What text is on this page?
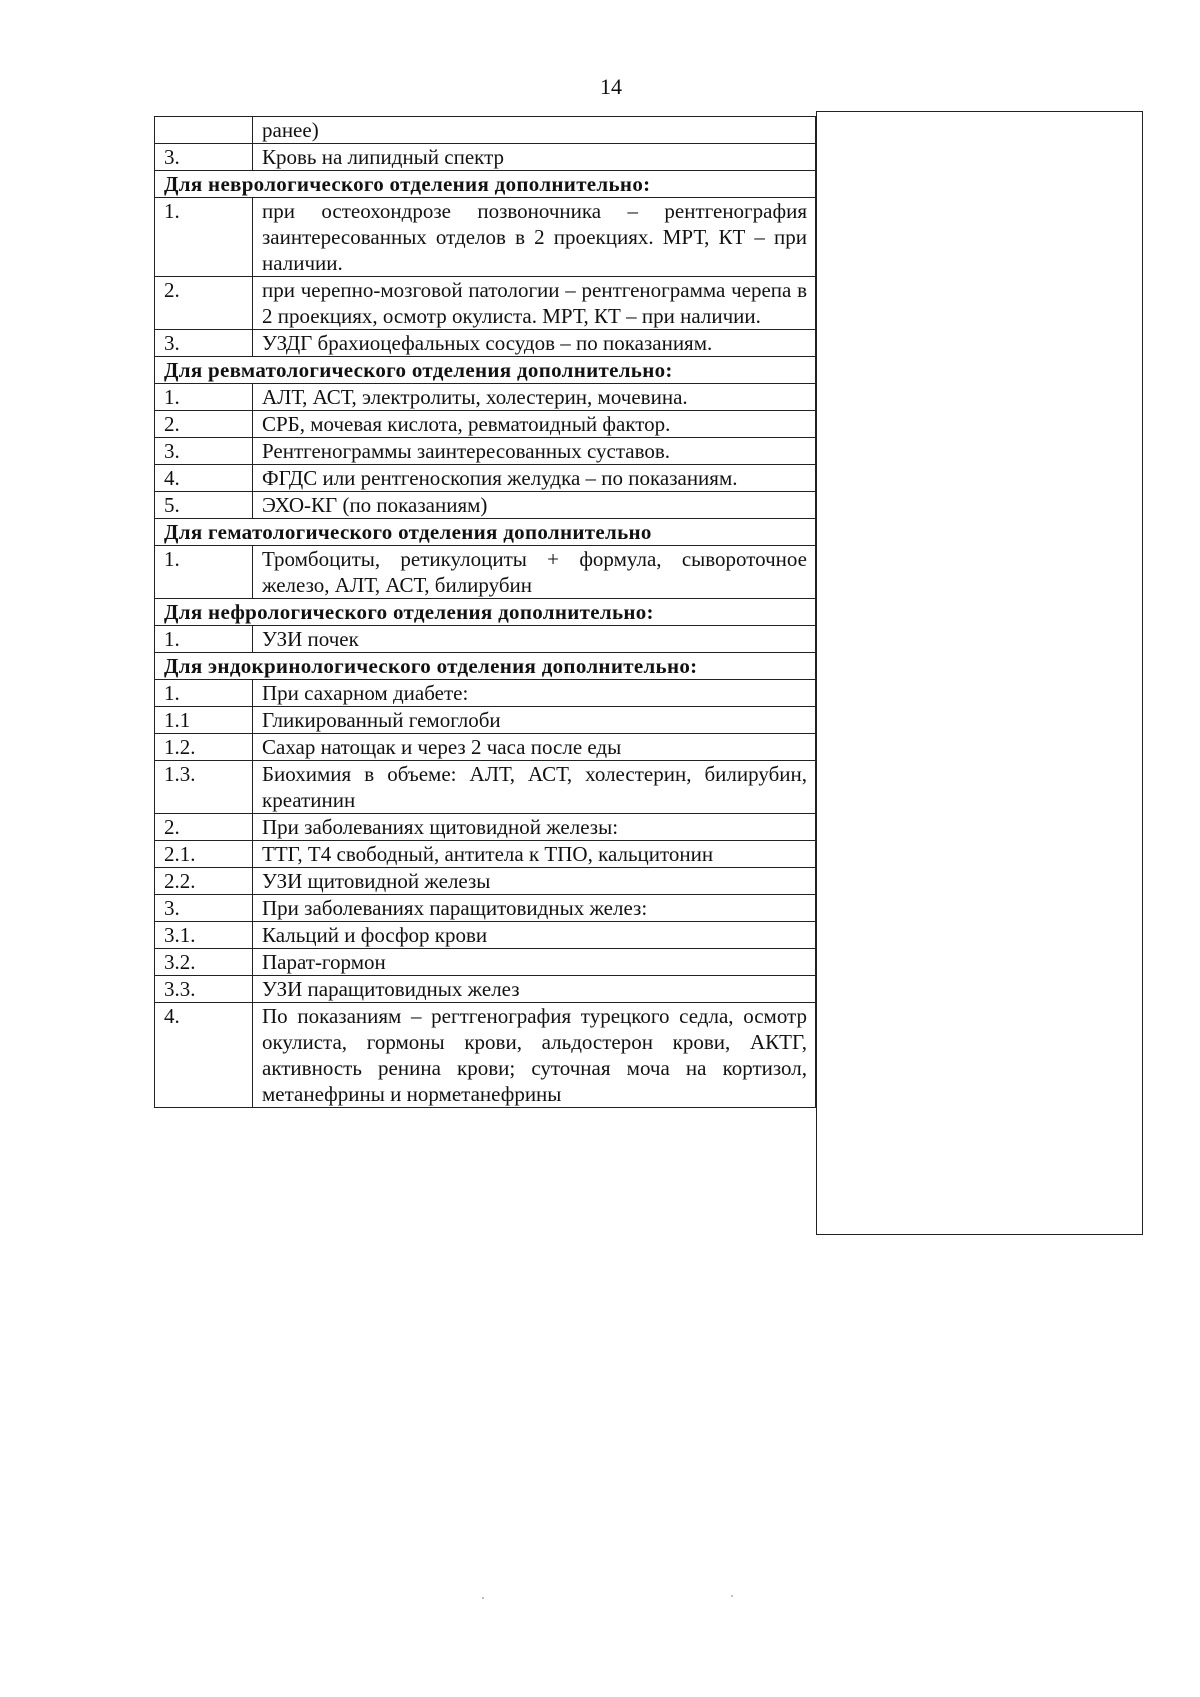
14
	ранее)
3.	Кровь на липидный спектр
Для неврологического отделения дополнительно:	
1.	при остеохондрозе позвоночника – рентгенография заинтересованных отделов в 2 проекциях. МРТ, КТ – при наличии.
2.	при черепно-мозговой патологии – рентгенограмма черепа в 2 проекциях, осмотр окулиста. МРТ, КТ – при наличии.
3.	УЗДГ брахиоцефальных сосудов – по показаниям.
Для ревматологического отделения дополнительно:	
1.	АЛТ, АСТ, электролиты, холестерин, мочевина.
2.	СРБ, мочевая кислота, ревматоидный фактор.
3.	Рентгенограммы заинтересованных суставов.
4.	ФГДС или рентгеноскопия желудка – по показаниям.
5.	ЭХО-КГ (по показаниям)
Для гематологического отделения дополнительно	
1.	Тромбоциты, ретикулоциты + формула, сывороточное железо, АЛТ, АСТ, билирубин
Для нефрологического отделения дополнительно:	
1.	УЗИ почек
Для эндокринологического отделения дополнительно:	
1.	При сахарном диабете:
1.1	Гликированный гемоглоби
1.2.	Сахар натощак и через 2 часа после еды
1.3.	Биохимия в объеме: АЛТ, АСТ, холестерин, билирубин, креатинин
2.	При заболеваниях щитовидной железы:
2.1.	ТТГ, Т4 свободный, антитела к ТПО, кальцитонин
2.2.	УЗИ щитовидной железы
3.	При заболеваниях паращитовидных желез:
3.1.	Кальций и фосфор крови
3.2.	Парат-гормон
3.3.	УЗИ паращитовидных желез
4.	По показаниям – регтгенография турецкого седла, осмотр окулиста, гормоны крови, альдостерон крови, АКТГ, активность ренина крови; суточная моча на кортизол, метанефрины и норметанефрины
